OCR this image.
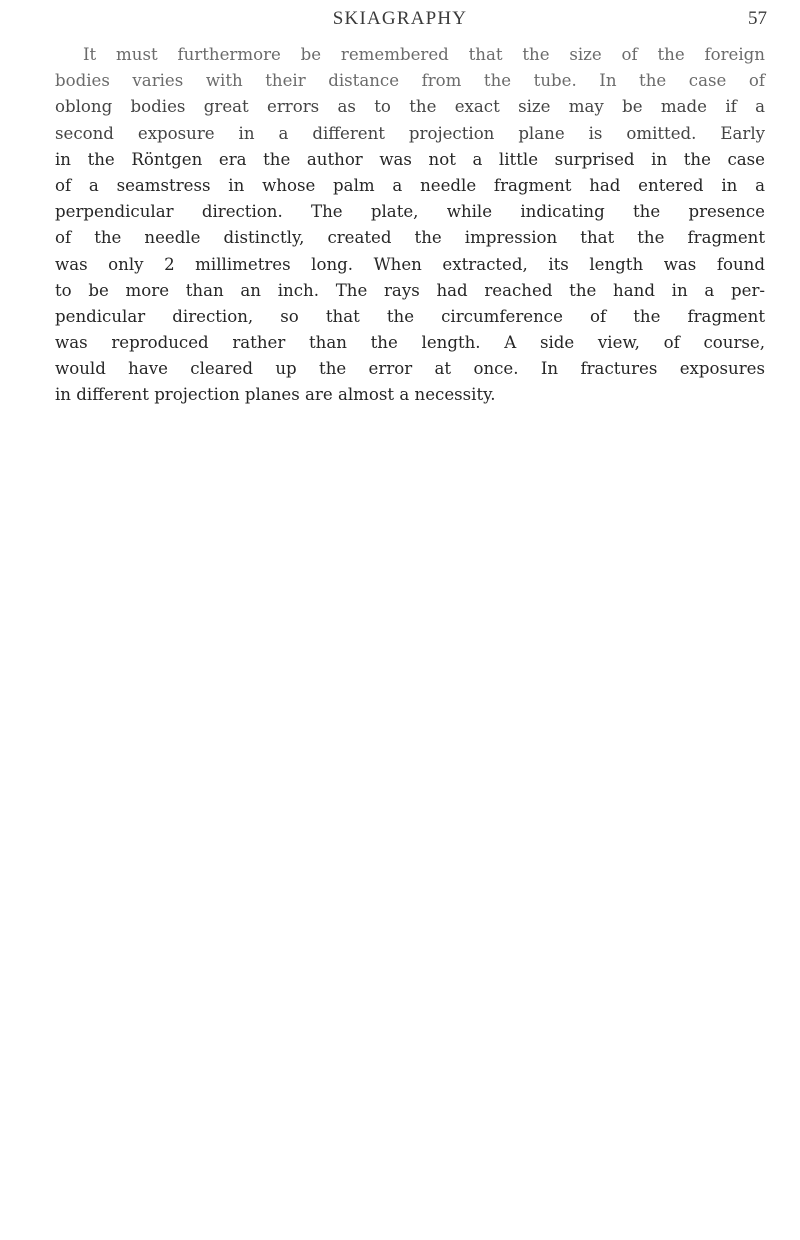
SKIAGRAPHY	57
It must furthermore be remembered that the size of the foreign
bodies varies with their distance from the tube. In the case of
oblong bodies great errors as to the exact size may be made if a
second exposure in a different projection plane is omitted. Early
in the Röntgen era the author was not a little surprised in the case
of a seamstress in whose palm a needle fragment had entered in a
perpendicular direction. The plate, while indicating the presence
of the needle distinctly, created the impression that the fragment
was only 2 millimetres long. When extracted, its length was found
to be more than an inch. The rays had reached the hand in a per-
pendicular direction, so that the circumference of the fragment
was reproduced rather than the length. A side view, of course,
would have cleared up the error at once. In fractures exposures
in different projection planes are almost a necessity.
